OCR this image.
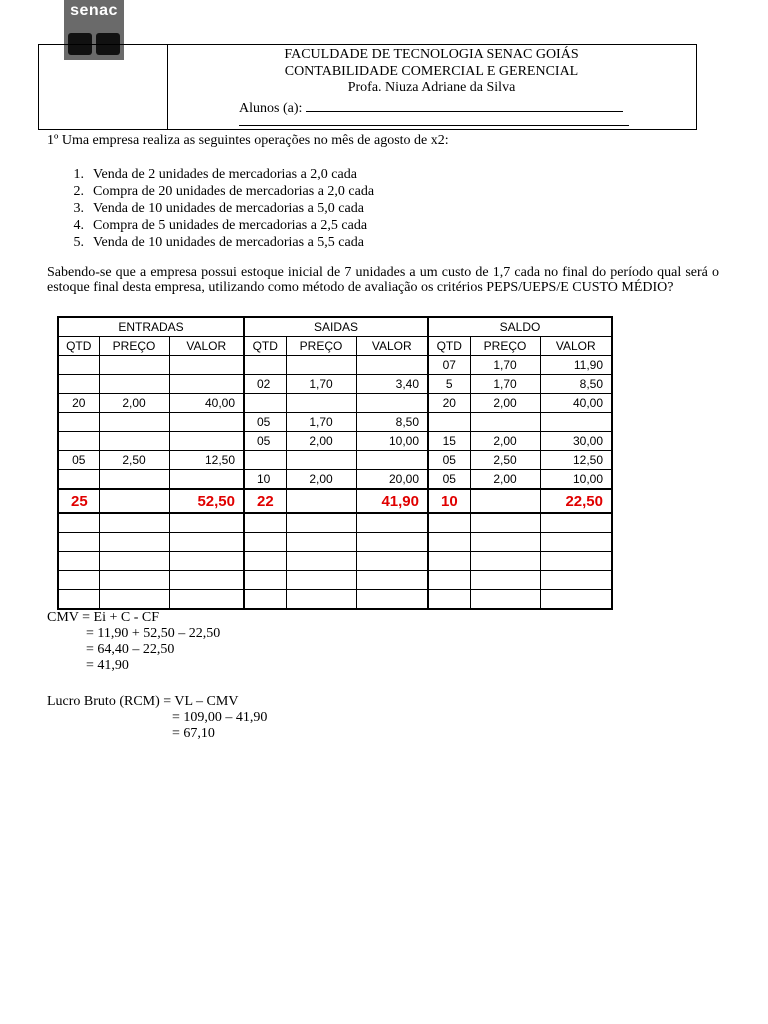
senac
FACULDADE DE TECNOLOGIA SENAC GOIÁS
CONTABILIDADE COMERCIAL E GERENCIAL
Profa. Niuza Adriane da Silva
Alunos (a):
1º Uma empresa realiza as seguintes operações no mês de agosto de x2:
1. Venda de 2 unidades de mercadorias a 2,0 cada
2. Compra de 20 unidades de mercadorias a 2,0 cada
3. Venda de 10 unidades de mercadorias a 5,0 cada
4. Compra de 5 unidades de mercadorias a 2,5 cada
5. Venda de 10 unidades de mercadorias a 5,5 cada
Sabendo-se que a empresa possui estoque inicial de 7 unidades a um custo de 1,7 cada no final do período qual será o estoque final desta empresa, utilizando como método de avaliação os critérios PEPS/UEPS/E CUSTO MÉDIO?
ENTRADAS			SAIDAS			SALDO		
QTD	PREÇO	VALOR	QTD	PREÇO	VALOR	QTD	PREÇO	VALOR
						07	1,70	11,90
			02	1,70	3,40	5	1,70	8,50
20	2,00	40,00				20	2,00	40,00
			05	1,70	8,50			
			05	2,00	10,00	15	2,00	30,00
05	2,50	12,50				05	2,50	12,50
			10	2,00	20,00	05	2,00	10,00
25		52,50	22		41,90	10		22,50

CMV = Ei + C - CF
= 11,90 + 52,50 – 22,50
= 64,40 – 22,50
= 41,90
Lucro Bruto (RCM) = VL – CMV
= 109,00 – 41,90
= 67,10
